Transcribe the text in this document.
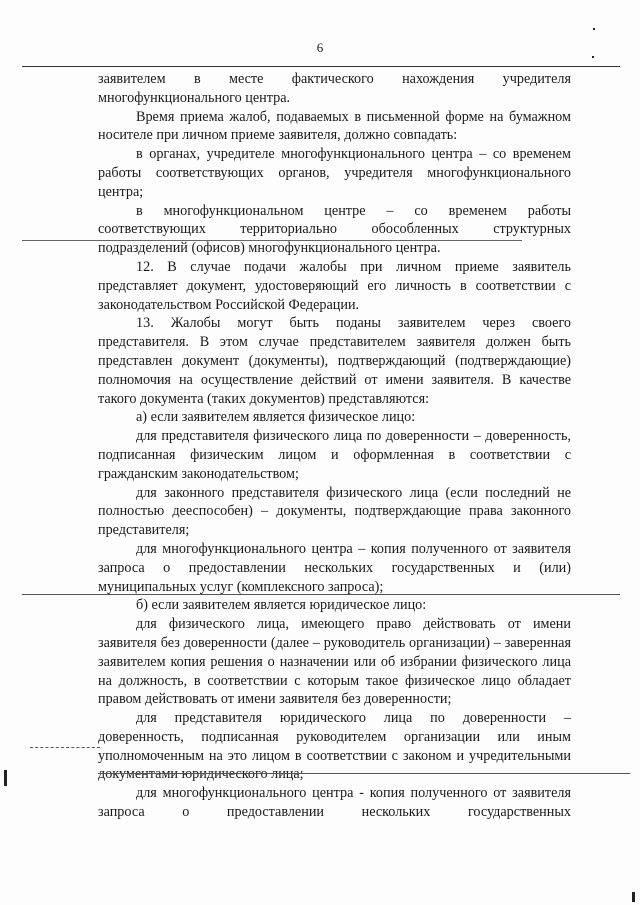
6

заявителем в месте фактического нахождения учредителя

многофункционального центра.

Время приема жалоб, подаваемых в письменной форме на бумажном носителе при личном приеме заявителя, должно совпадать:

в органах, учредителе многофункционального центра – со временем работы соответствующих органов, учредителя многофункционального центра;

в многофункциональном центре – со временем работы соответствующих территориально обособленных структурных подразделений (офисов) многофункционального центра.

12. В случае подачи жалобы при личном приеме заявитель представляет документ, удостоверяющий его личность в соответствии с законодательством Российской Федерации.

13. Жалобы могут быть поданы заявителем через своего представителя. В этом случае представителем заявителя должен быть представлен документ (документы), подтверждающий (подтверждающие) полномочия на осуществление действий от имени заявителя. В качестве такого документа (таких документов) представляются:

а) если заявителем является физическое лицо:

для представителя физического лица по доверенности – доверенность, подписанная физическим лицом и оформленная в соответствии с гражданским законодательством;

для законного представителя физического лица (если последний не полностью дееспособен) – документы, подтверждающие права законного представителя;

для многофункционального центра – копия полученного от заявителя запроса о предоставлении нескольких государственных и (или) муниципальных услуг (комплексного запроса);

б) если заявителем является юридическое лицо:

для физического лица, имеющего право действовать от имени заявителя без доверенности (далее – руководитель организации) – заверенная заявителем копия решения о назначении или об избрании физического лица на должность, в соответствии с которым такое физическое лицо обладает правом действовать от имени заявителя без доверенности;

для представителя юридического лица по доверенности – доверенность, подписанная руководителем организации или иным уполномоченным на это лицом в соответствии с законом и учредительными документами юридического лица;

для многофункционального центра - копия полученного от заявителя запроса о предоставлении нескольких государственных
